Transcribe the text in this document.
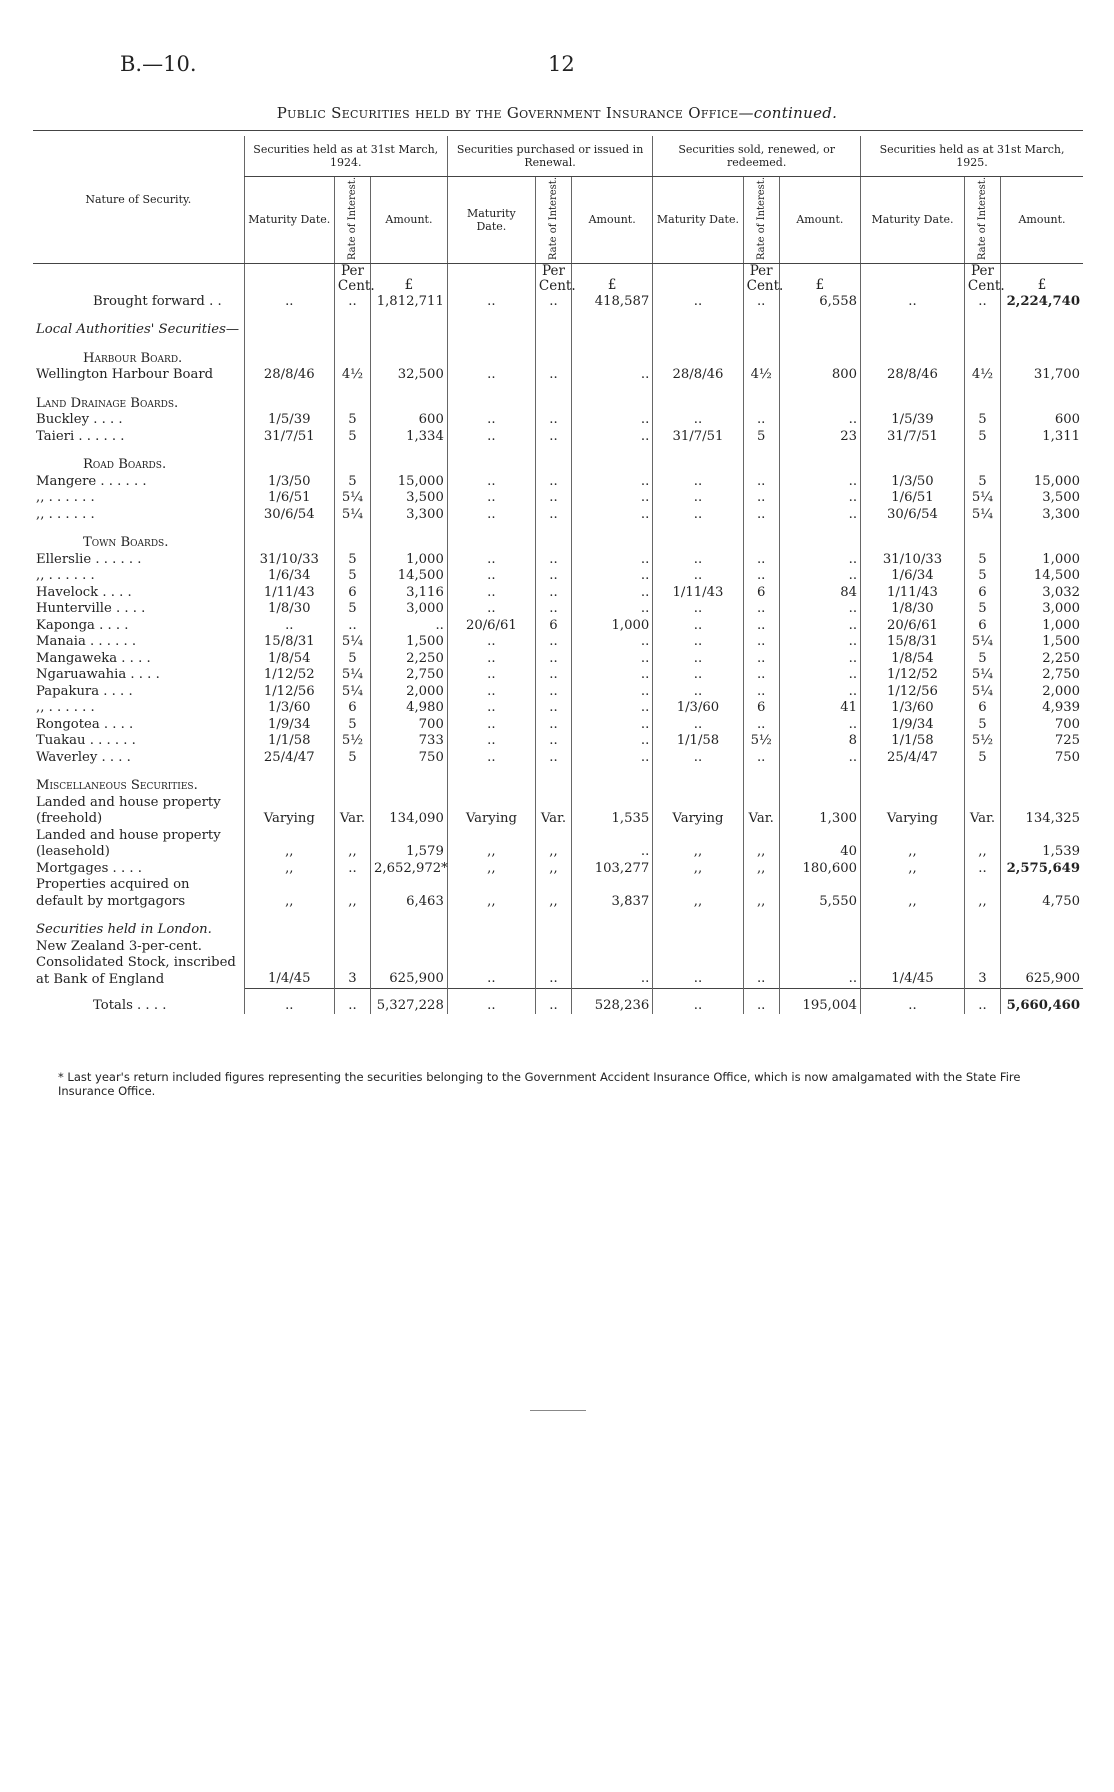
B.—10.	12
Public Securities held by the Government Insurance Office—continued.
Nature of Security.	Securities held as at 31st March, 1924.			Securities purchased or issued in Renewal.			Securities sold, renewed, or redeemed.			Securities held as at 31st March, 1925.		
	Maturity Date.	Rate of Interest.	Amount.	Maturity Date.	Rate of Interest.	Amount.	Maturity Date.	Rate of Interest.	Amount.	Maturity Date.	Rate of Interest.	Amount.
		Per Cent.	£		Per Cent.	£		Per Cent.	£		Per Cent.	£
Brought forward . .	..	..	1,812,711	..	..	418,587	..	..	6,558	..	..	2,224,740
Local Authorities' Securities—												
Harbour Board.												
Wellington Harbour Board	28/8/46	4½	32,500	..	..	..	28/8/46	4½	800	28/8/46	4½	31,700
Land Drainage Boards.												
Buckley . . . .	1/5/39	5	600	..	..	..	..	..	..	1/5/39	5	600
Taieri . . . . . .	31/7/51	5	1,334	..	..	..	31/7/51	5	23	31/7/51	5	1,311
Road Boards.												
Mangere . . . . . .	1/3/50	5	15,000	..	..	..	..	..	..	1/3/50	5	15,000
,, . . . . . .	1/6/51	5¼	3,500	..	..	..	..	..	..	1/6/51	5¼	3,500
,, . . . . . .	30/6/54	5¼	3,300	..	..	..	..	..	..	30/6/54	5¼	3,300
Town Boards.												
Ellerslie . . . . . .	31/10/33	5	1,000	..	..	..	..	..	..	31/10/33	5	1,000
,, . . . . . .	1/6/34	5	14,500	..	..	..	..	..	..	1/6/34	5	14,500
Havelock . . . .	1/11/43	6	3,116	..	..	..	1/11/43	6	84	1/11/43	6	3,032
Hunterville . . . .	1/8/30	5	3,000	..	..	..	..	..	..	1/8/30	5	3,000
Kaponga . . . .	..	..	..	20/6/61	6	1,000	..	..	..	20/6/61	6	1,000
Manaia . . . . . .	15/8/31	5¼	1,500	..	..	..	..	..	..	15/8/31	5¼	1,500
Mangaweka . . . .	1/8/54	5	2,250	..	..	..	..	..	..	1/8/54	5	2,250
Ngaruawahia . . . .	1/12/52	5¼	2,750	..	..	..	..	..	..	1/12/52	5¼	2,750
Papakura . . . .	1/12/56	5¼	2,000	..	..	..	..	..	..	1/12/56	5¼	2,000
,, . . . . . .	1/3/60	6	4,980	..	..	..	1/3/60	6	41	1/3/60	6	4,939
Rongotea . . . .	1/9/34	5	700	..	..	..	..	..	..	1/9/34	5	700
Tuakau . . . . . .	1/1/58	5½	733	..	..	..	1/1/58	5½	8	1/1/58	5½	725
Waverley . . . .	25/4/47	5	750	..	..	..	..	..	..	25/4/47	5	750
Miscellaneous Securities.												
Landed and house property (freehold)	Varying	Var.	134,090	Varying	Var.	1,535	Varying	Var.	1,300	Varying	Var.	134,325
Landed and house property (leasehold)	,,	,,	1,579	,,	,,	..	,,	,,	40	,,	,,	1,539
Mortgages . . . .	,,	..	2,652,972*	,,	,,	103,277	,,	,,	180,600	,,	..	2,575,649
Properties acquired on default by mortgagors	,,	,,	6,463	,,	,,	3,837	,,	,,	5,550	,,	,,	4,750
Securities held in London.												
New Zealand 3-per-cent. Consolidated Stock, inscribed at Bank of England	1/4/45	3	625,900	..	..	..	..	..	..	1/4/45	3	625,900
Totals . . . .	..	..	5,327,228	..	..	528,236	..	..	195,004	..	..	5,660,460
* Last year's return included figures representing the securities belonging to the Government Accident Insurance Office, which is now amalgamated with the State Fire Insurance Office.
